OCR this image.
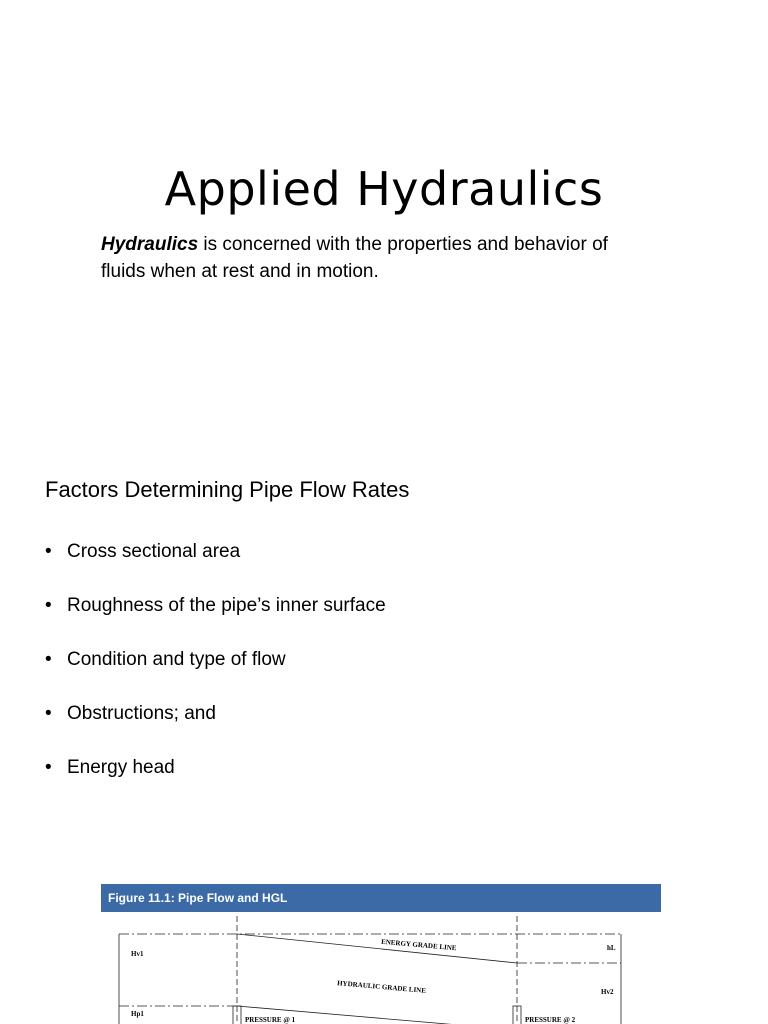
Applied Hydraulics
Hydraulics is concerned with the properties and behavior of
fluids when at rest and in motion.
Factors Determining Pipe Flow Rates
• Cross sectional area
• Roughness of the pipe’s inner surface
• Condition and type of flow
• Obstructions; and
• Energy head
Figure 11.1: Pipe Flow and HGL
ENERGY GRADE LINE
HYDRAULIC GRADE LINE
Hv1
hL
Hv2
Hp1
PRESSURE @ 1	PRESSURE @ 2
